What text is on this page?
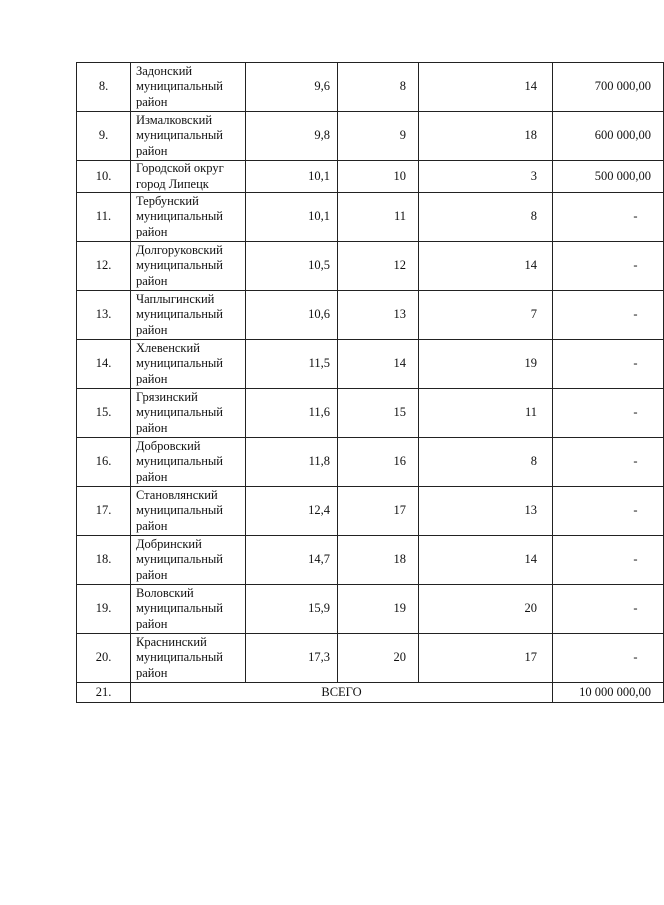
8.	Задонский муниципальный район	9,6	8	14	700 000,00
9.	Измалковский муниципальный район	9,8	9	18	600 000,00
10.	Городской округ город Липецк	10,1	10	3	500 000,00
11.	Тербунский муниципальный район	10,1	11	8	-
12.	Долгоруковский муниципальный район	10,5	12	14	-
13.	Чаплыгинский муниципальный район	10,6	13	7	-
14.	Хлевенский муниципальный район	11,5	14	19	-
15.	Грязинский муниципальный район	11,6	15	11	-
16.	Добровский муниципальный район	11,8	16	8	-
17.	Становлянский муниципальный район	12,4	17	13	-
18.	Добринский муниципальный район	14,7	18	14	-
19.	Воловский муниципальный район	15,9	19	20	-
20.	Краснинский муниципальный район	17,3	20	17	-
21.	ВСЕГО				10 000 000,00
